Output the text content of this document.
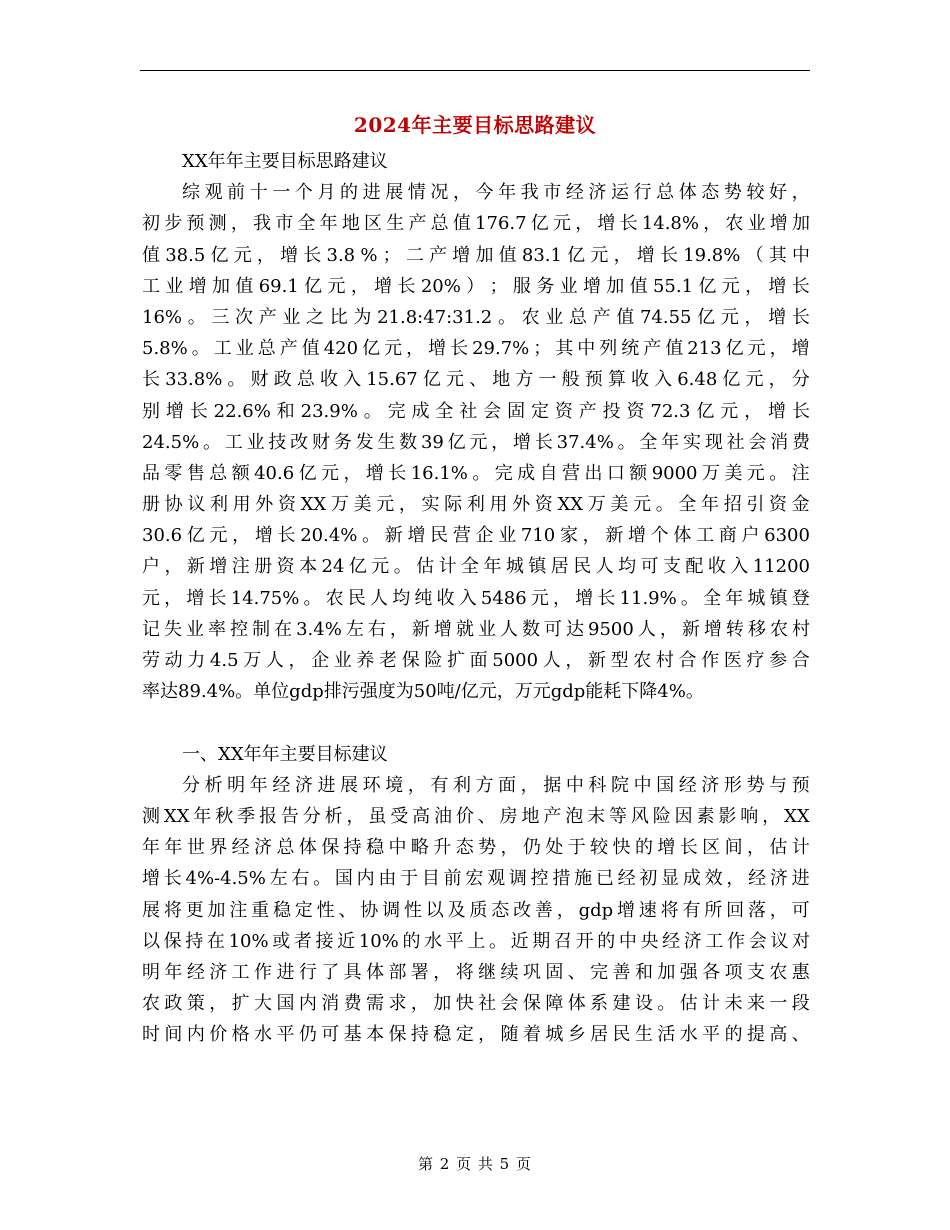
2024年主要目标思路建议
XX年年主要目标思路建议
综 观 前 十 一 个 月 的 进 展 情 况 ， 今 年 我 市 经 济 运 行 总 体 态 势 较 好 ，
初 步 预 测 ， 我 市 全 年 地 区 生 产 总 值 176.7 亿 元 ， 增 长 14.8% ， 农 业 增 加
值 38.5 亿 元 ， 增 长 3.8 % ； 二 产 增 加 值 83.1 亿 元 ， 增 长 19.8% （ 其 中
工 业 增 加 值 69.1 亿 元 ， 增 长 20% ） ； 服 务 业 增 加 值 55.1 亿 元 ， 增 长
16% 。 三 次 产 业 之 比 为 21.8:47:31.2 。 农 业 总 产 值 74.55 亿 元 ， 增 长
5.8% 。 工 业 总 产 值 420 亿 元 ， 增 长 29.7% ； 其 中 列 统 产 值 213 亿 元 ， 增
长 33.8% 。 财 政 总 收 入 15.67 亿 元 、 地 方 一 般 预 算 收 入 6.48 亿 元 ， 分
别 增 长 22.6% 和 23.9% 。 完 成 全 社 会 固 定 资 产 投 资 72.3 亿 元 ， 增 长
24.5% 。 工 业 技 改 财 务 发 生 数 39 亿 元 ， 增 长 37.4% 。 全 年 实 现 社 会 消 费
品 零 售 总 额 40.6 亿 元 ， 增 长 16.1% 。 完 成 自 营 出 口 额 9000 万 美 元 。 注
册 协 议 利 用 外 资 XX 万 美 元 ， 实 际 利 用 外 资 XX 万 美 元 。 全 年 招 引 资 金
30.6 亿 元 ， 增 长 20.4% 。 新 增 民 营 企 业 710 家 ， 新 增 个 体 工 商 户 6300
户 ， 新 增 注 册 资 本 24 亿 元 。 估 计 全 年 城 镇 居 民 人 均 可 支 配 收 入 11200
元 ， 增 长 14.75% 。 农 民 人 均 纯 收 入 5486 元 ， 增 长 11.9% 。 全 年 城 镇 登
记 失 业 率 控 制 在 3.4% 左 右 ， 新 增 就 业 人 数 可 达 9500 人 ， 新 增 转 移 农 村
劳 动 力 4.5 万 人 ， 企 业 养 老 保 险 扩 面 5000 人 ， 新 型 农 村 合 作 医 疗 参 合
率达89.4%。单位gdp排污强度为50吨/亿元，万元gdp能耗下降4%。
一、XX年年主要目标建议
分 析 明 年 经 济 进 展 环 境 ， 有 利 方 面 ， 据 中 科 院 中 国 经 济 形 势 与 预
测 XX 年 秋 季 报 告 分 析 ， 虽 受 高 油 价 、 房 地 产 泡 末 等 风 险 因 素 影 响 ， XX
年 年 世 界 经 济 总 体 保 持 稳 中 略 升 态 势 ， 仍 处 于 较 快 的 增 长 区 间 ， 估 计
增 长 4%-4.5% 左 右 。 国 内 由 于 目 前 宏 观 调 控 措 施 已 经 初 显 成 效 ， 经 济 进
展 将 更 加 注 重 稳 定 性 、 协 调 性 以 及 质 态 改 善 ， gdp 增 速 将 有 所 回 落 ， 可
以 保 持 在 10% 或 者 接 近 10% 的 水 平 上 。 近 期 召 开 的 中 央 经 济 工 作 会 议 对
明 年 经 济 工 作 进 行 了 具 体 部 署 ， 将 继 续 巩 固 、 完 善 和 加 强 各 项 支 农 惠
农 政 策 ， 扩 大 国 内 消 费 需 求 ， 加 快 社 会 保 障 体 系 建 设 。 估 计 未 来 一 段
时 间 内 价 格 水 平 仍 可 基 本 保 持 稳 定 ， 随 着 城 乡 居 民 生 活 水 平 的 提 高 、
第 2 页 共 5 页
